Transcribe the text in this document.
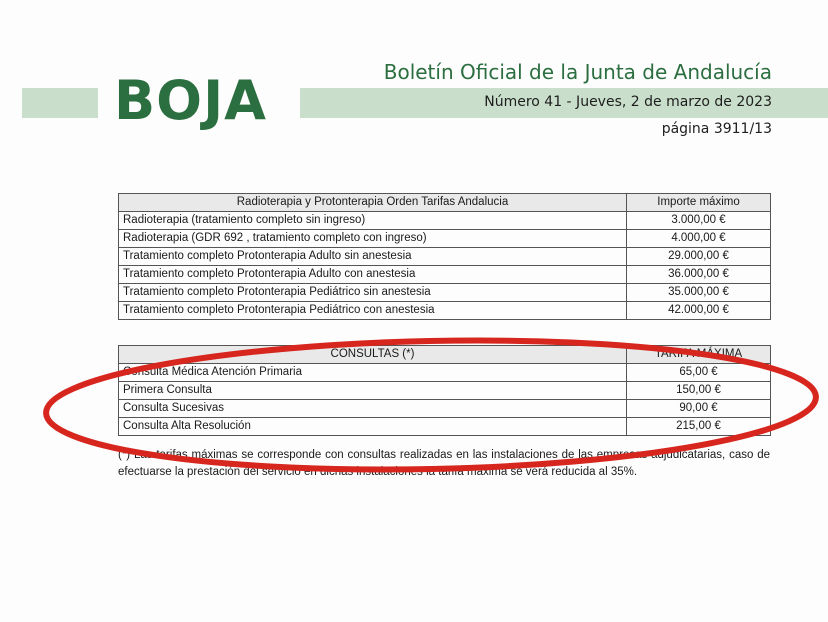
BOJA	Boletín Oficial de la Junta de Andalucía
Número 41 - Jueves, 2 de marzo de 2023
página 3911/13
Radioterapia y Protonterapia Orden Tarifas Andalucia	Importe máximo
Radioterapia (tratamiento completo sin ingreso)	3.000,00 €
Radioterapia (GDR 692 , tratamiento completo con ingreso)	4.000,00 €
Tratamiento completo Protonterapia Adulto sin anestesia	29.000,00 €
Tratamiento completo Protonterapia Adulto con anestesia	36.000,00 €
Tratamiento completo Protonterapia Pediátrico sin anestesia	35.000,00 €
Tratamiento completo Protonterapia Pediátrico con anestesia	42.000,00 €
CONSULTAS (*)	TARIFA MÁXIMA
Consulta Médica Atención Primaria	65,00 €
Primera Consulta	150,00 €
Consulta Sucesivas	90,00 €
Consulta Alta Resolución	215,00 €
(*) Las tarifas máximas se corresponde con consultas realizadas en las instalaciones de las empresas adjudicatarias, caso de efectuarse la prestación del servicio en dichas instalaciones la tarifa máxima se verá reducida al 35%.
